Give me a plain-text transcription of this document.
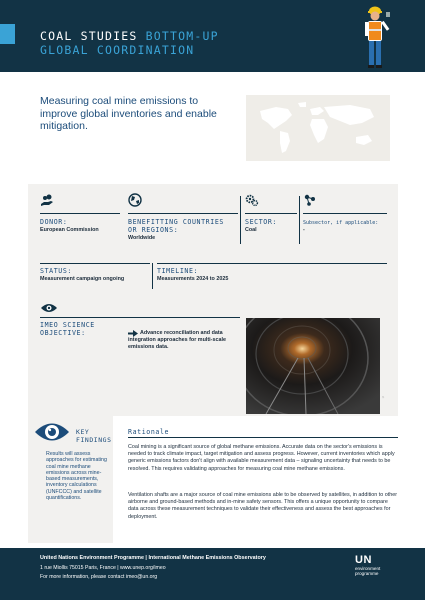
COAL STUDIES BOTTOM-UP
GLOBAL COORDINATION
Measuring coal mine emissions to improve global inventories and enable mitigation.
DONOR:
European Commission
BENEFITTING COUNTRIES
OR REGIONS:
Worldwide
SECTOR:
Coal
Subsector, if applicable:
-
STATUS:
Measurement campaign ongoing
TIMELINE:
Measurements 2024 to 2025
IMEO SCIENCE
OBJECTIVE:	Advance reconciliation and data integration approaches for multi-scale emissions data.
©
KEY
FINDINGS
Results will assess approaches for estimating coal mine methane emissions across mine-based measurements, inventory calculations (UNFCCC) and satellite quantifications.
Rationale
Coal mining is a significant source of global methane emissions. Accurate data on the sector's emissions is needed to track climate impact, target mitigation and assess progress. However, current inventories which apply generic emissions factors don't align with available measurement data – signaling uncertainty that needs to be resolved. This requires validating approaches for measuring coal mine methane emissions.
Ventilation shafts are a major source of coal mine emissions able to be observed by satellites, in addition to other airborne and ground-based methods and in-mine safety sensors. This offers a unique opportunity to compare data across these measurement techniques to validate their effectiveness and assess the best approaches for deployment.
United Nations Environment Programme | International Methane Emissions Observatory
1 rue Miollis 75015 Paris, France | www.unep.org/imeo
For more information, please contact imeo@un.org
UN
environment
programme
